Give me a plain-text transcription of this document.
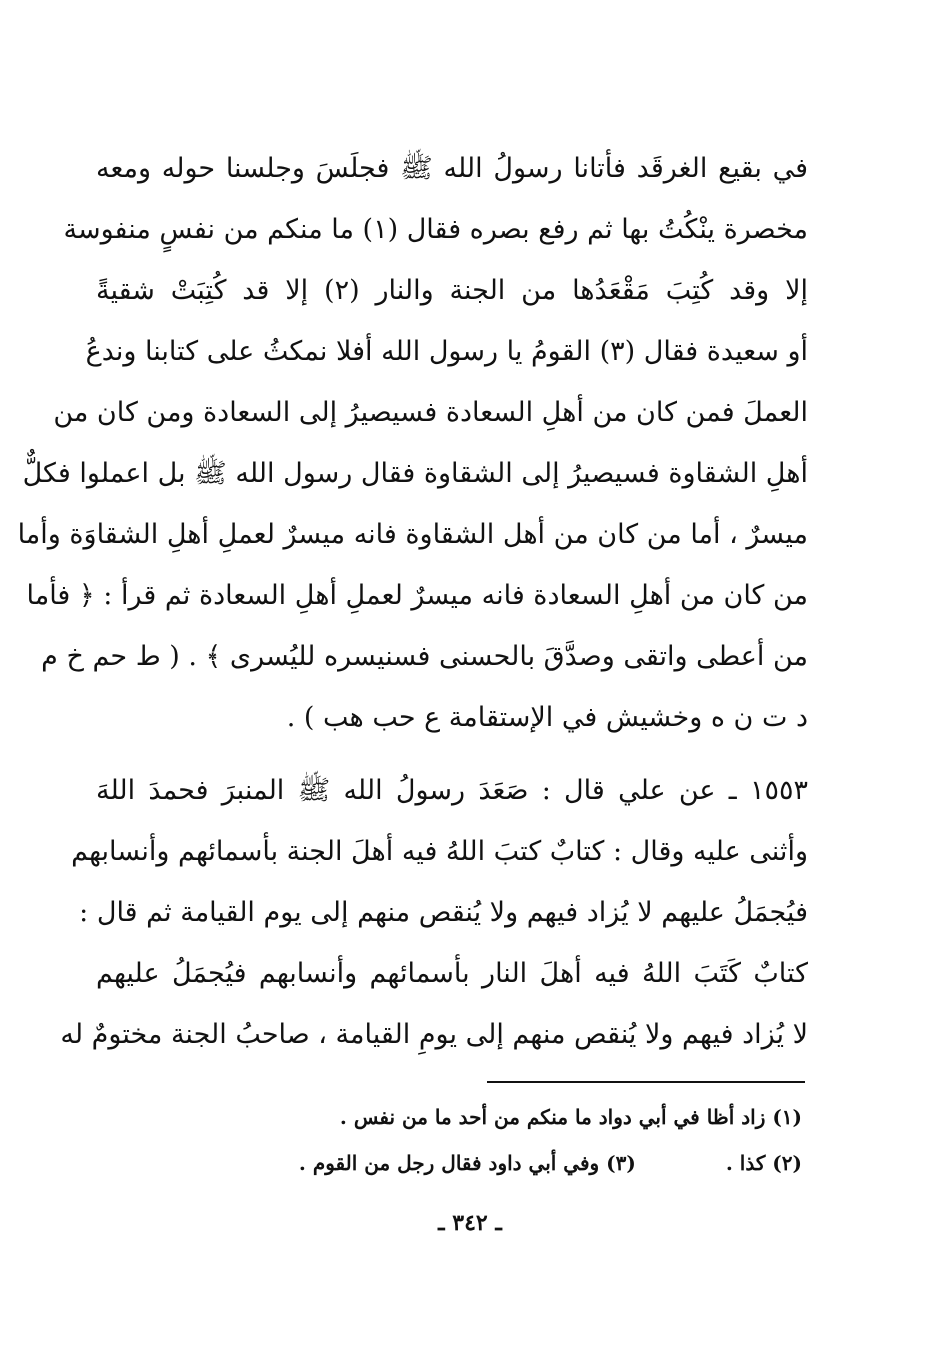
في بقيع الغرقَد فأتانا رسولُ الله ﷺ فجلَسَ وجلسنا حوله ومعه
مخصرة ينْكُتُ بها ثم رفع بصره فقال (١) ما منكم من نفسٍ منفوسة
إلا وقد كُتِبَ مَقْعَدُها من الجنة والنار (٢) إلا قد كُتِبَتْ شقيةً
أو سعيدة فقال (٣) القومُ يا رسول الله أفلا نمكثُ على كتابنا وندعُ
العملَ فمن كان من أهلِ السعادة فسيصيرُ إلى السعادة ومن كان من
أهلِ الشقاوة فسيصيرُ إلى الشقاوة فقال رسول الله ﷺ بل اعملوا فكلٌّ
ميسرٌ ، أما من كان من أهل الشقاوة فانه ميسرٌ لعملِ أهلِ الشقاوَة وأما
من كان من أهلِ السعادة فانه ميسرٌ لعملِ أهلِ السعادة ثم قرأ : ﴿ فأما
من أعطى واتقى وصدَّقَ بالحسنى فسنيسره لليُسرى ﴾ . ( ط حم خ م
د ت ن ه وخشيش في الإستقامة ع حب هب ) .
١٥٥٣ ـ عن علي قال : صَعَدَ رسولُ الله ﷺ المنبرَ فحمدَ اللهَ
وأثنى عليه وقال : كتابٌ كتبَ اللهُ فيه أهلَ الجنة بأسمائهم وأنسابهم
فيُجمَلُ عليهم لا يُزاد فيهم ولا يُنقص منهم إلى يوم القيامة ثم قال :
كتابٌ كَتَبَ اللهُ فيه أهلَ النار بأسمائهم وأنسابهم فيُجمَلُ عليهم
لا يُزاد فيهم ولا يُنقص منهم إلى يومِ القيامة ، صاحبُ الجنة مختومٌ له
(١) زاد أظا في أبي دواد ما منكم من أحد ما من نفس .
(٢) كذا .(٣) وفي أبي داود فقال رجل من القوم .
ـ ٣٤٢ ـ
